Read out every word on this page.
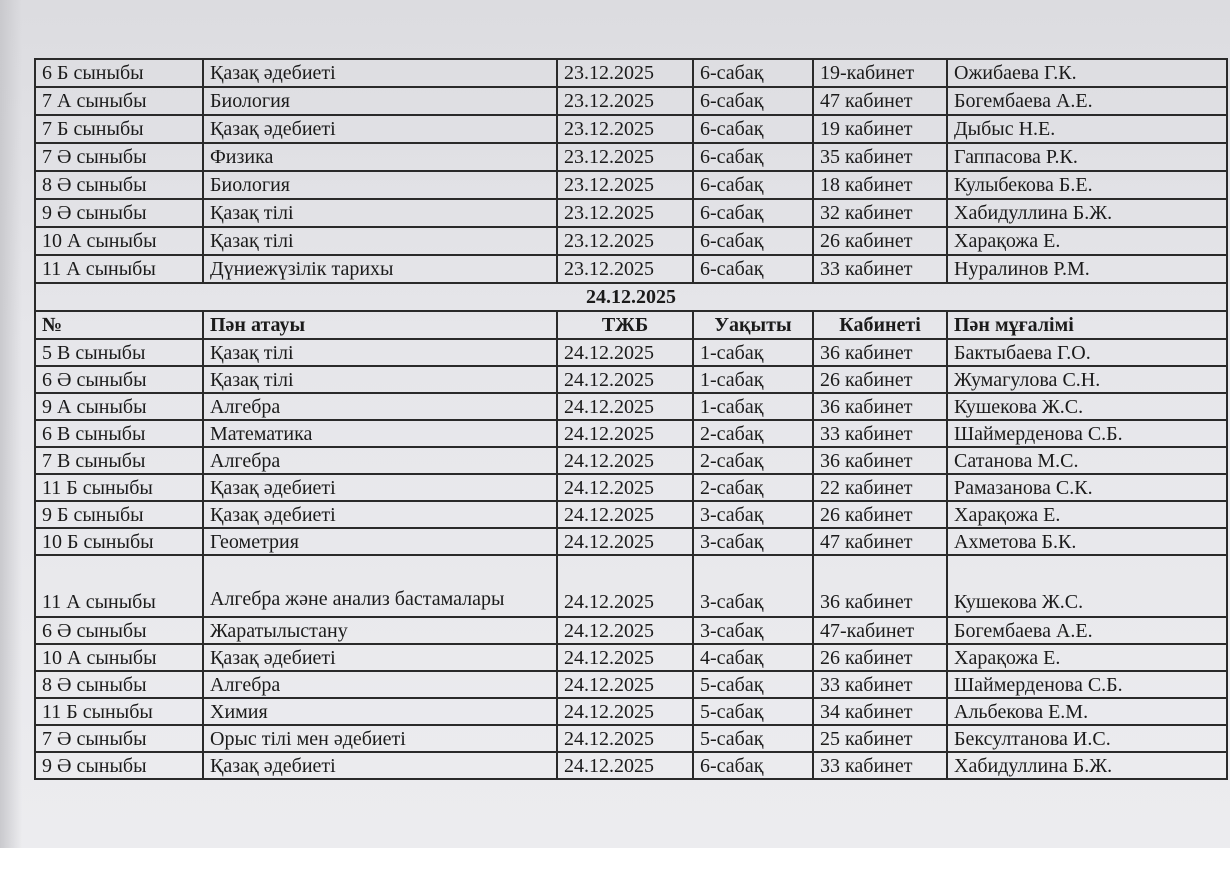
6 Б сыныбы	Қазақ әдебиеті	23.12.2025	6-сабақ	19-кабинет	Ожибаева Г.К.
7 А сыныбы	Биология	23.12.2025	6-сабақ	47 кабинет	Богембаева А.Е.
7 Б сыныбы	Қазақ әдебиеті	23.12.2025	6-сабақ	19 кабинет	Дыбыс Н.Е.
7 Ә сыныбы	Физика	23.12.2025	6-сабақ	35 кабинет	Гаппасова Р.К.
8 Ә сыныбы	Биология	23.12.2025	6-сабақ	18 кабинет	Кулыбекова Б.Е.
9 Ә сыныбы	Қазақ тілі	23.12.2025	6-сабақ	32 кабинет	Хабидуллина Б.Ж.
10 А сыныбы	Қазақ тілі	23.12.2025	6-сабақ	26 кабинет	Харақожа Е.
11 А сыныбы	Дүниежүзілік тарихы	23.12.2025	6-сабақ	33 кабинет	Нуралинов Р.М.
24.12.2025					
№	Пән атауы	ТЖБ	Уақыты	Кабинеті	Пән мұғалімі
5 В сыныбы	Қазақ тілі	24.12.2025	1-сабақ	36 кабинет	Бактыбаева Г.О.
6 Ә сыныбы	Қазақ тілі	24.12.2025	1-сабақ	26 кабинет	Жумагулова С.Н.
9 А сыныбы	Алгебра	24.12.2025	1-сабақ	36 кабинет	Кушекова Ж.С.
6 В сыныбы	Математика	24.12.2025	2-сабақ	33 кабинет	Шаймерденова С.Б.
7 В сыныбы	Алгебра	24.12.2025	2-сабақ	36 кабинет	Сатанова М.С.
11 Б сыныбы	Қазақ әдебиеті	24.12.2025	2-сабақ	22 кабинет	Рамазанова С.К.
9 Б сыныбы	Қазақ әдебиеті	24.12.2025	3-сабақ	26 кабинет	Харақожа Е.
10 Б сыныбы	Геометрия	24.12.2025	3-сабақ	47 кабинет	Ахметова Б.К.
11 А сыныбы	Алгебра және анализ бастамалары	24.12.2025	3-сабақ	36 кабинет	Кушекова Ж.С.
6 Ә сыныбы	Жаратылыстану	24.12.2025	3-сабақ	47-кабинет	Богембаева А.Е.
10 А сыныбы	Қазақ әдебиеті	24.12.2025	4-сабақ	26 кабинет	Харақожа Е.
8 Ә сыныбы	Алгебра	24.12.2025	5-сабақ	33 кабинет	Шаймерденова С.Б.
11 Б сыныбы	Химия	24.12.2025	5-сабақ	34 кабинет	Альбекова Е.М.
7 Ә сыныбы	Орыс тілі мен әдебиеті	24.12.2025	5-сабақ	25 кабинет	Бексултанова И.С.
9 Ә сыныбы	Қазақ әдебиеті	24.12.2025	6-сабақ	33 кабинет	Хабидуллина Б.Ж.
